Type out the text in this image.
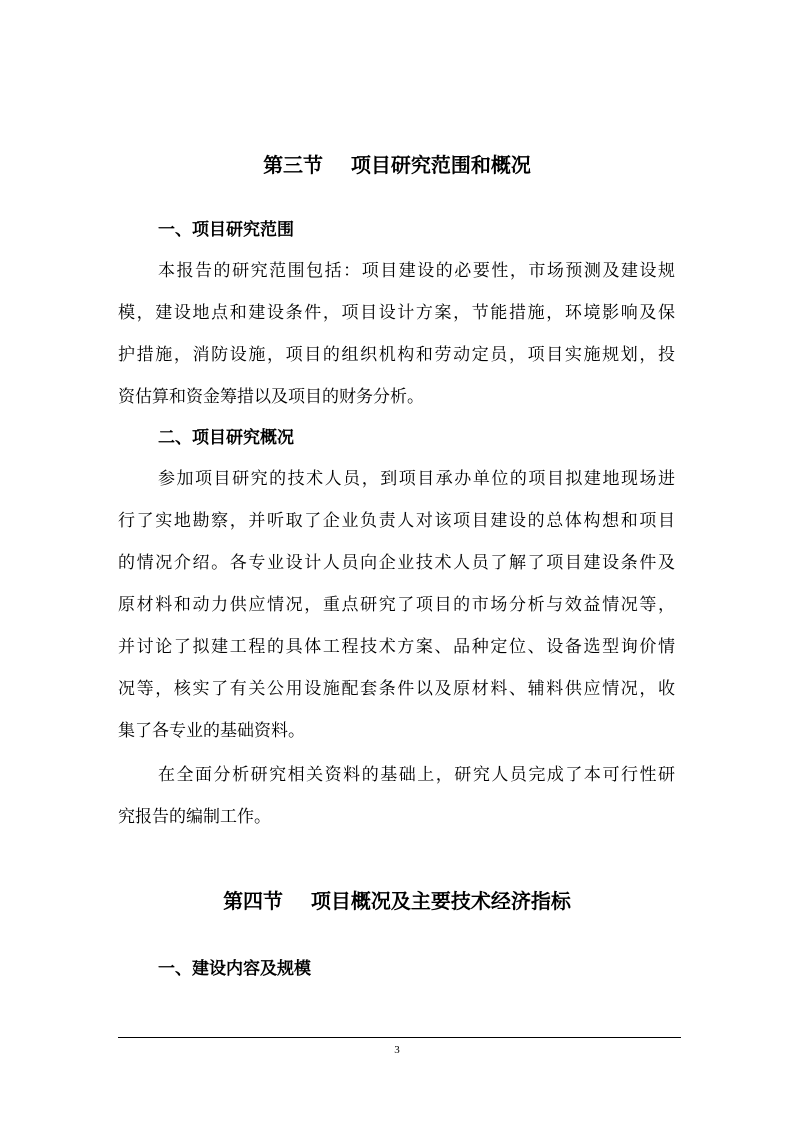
第三节    项目研究范围和概况
一、项目研究范围
本报告的研究范围包括：项目建设的必要性，市场预测及建设规
模，建设地点和建设条件，项目设计方案，节能措施，环境影响及保
护措施，消防设施，项目的组织机构和劳动定员，项目实施规划，投
资估算和资金筹措以及项目的财务分析。
二、项目研究概况
参加项目研究的技术人员，到项目承办单位的项目拟建地现场进
行了实地勘察，并听取了企业负责人对该项目建设的总体构想和项目
的情况介绍。各专业设计人员向企业技术人员了解了项目建设条件及
原材料和动力供应情况，重点研究了项目的市场分析与效益情况等，
并讨论了拟建工程的具体工程技术方案、品种定位、设备选型询价情
况等，核实了有关公用设施配套条件以及原材料、辅料供应情况，收
集了各专业的基础资料。
在全面分析研究相关资料的基础上，研究人员完成了本可行性研
究报告的编制工作。
第四节    项目概况及主要技术经济指标
一、建设内容及规模
3
